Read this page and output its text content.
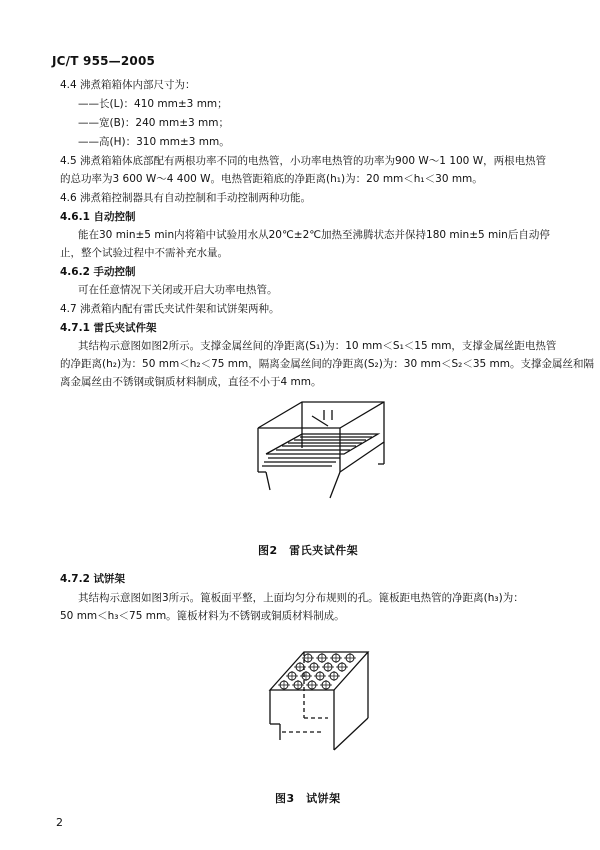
JC/T 955—2005
4.4 沸煮箱箱体内部尺寸为：
——长(L)：410 mm±3 mm；
——宽(B)：240 mm±3 mm；
——高(H)：310 mm±3 mm。
4.5 沸煮箱箱体底部配有两根功率不同的电热管，小功率电热管的功率为900 W～1 100 W，两根电热管
的总功率为3 600 W～4 400 W。电热管距箱底的净距离(h₁)为：20 mm＜h₁＜30 mm。
4.6 沸煮箱控制器具有自动控制和手动控制两种功能。
4.6.1 自动控制
能在30 min±5 min内将箱中试验用水从20℃±2℃加热至沸腾状态并保持180 min±5 min后自动停
止，整个试验过程中不需补充水量。
4.6.2 手动控制
可在任意情况下关闭或开启大功率电热管。
4.7 沸煮箱内配有雷氏夹试件架和试饼架两种。
4.7.1 雷氏夹试件架
其结构示意图如图2所示。支撑金属丝间的净距离(S₁)为：10 mm＜S₁＜15 mm，支撑金属丝距电热管
的净距离(h₂)为：50 mm＜h₂＜75 mm，隔离金属丝间的净距离(S₂)为：30 mm＜S₂＜35 mm。支撑金属丝和隔
离金属丝由不锈钢或铜质材料制成，直径不小于4 mm。
图2　雷氏夹试件架
4.7.2 试饼架
其结构示意图如图3所示。篦板面平整，上面均匀分布规则的孔。篦板距电热管的净距离(h₃)为：
50 mm＜h₃＜75 mm。篦板材料为不锈钢或铜质材料制成。
图3　试饼架
2
